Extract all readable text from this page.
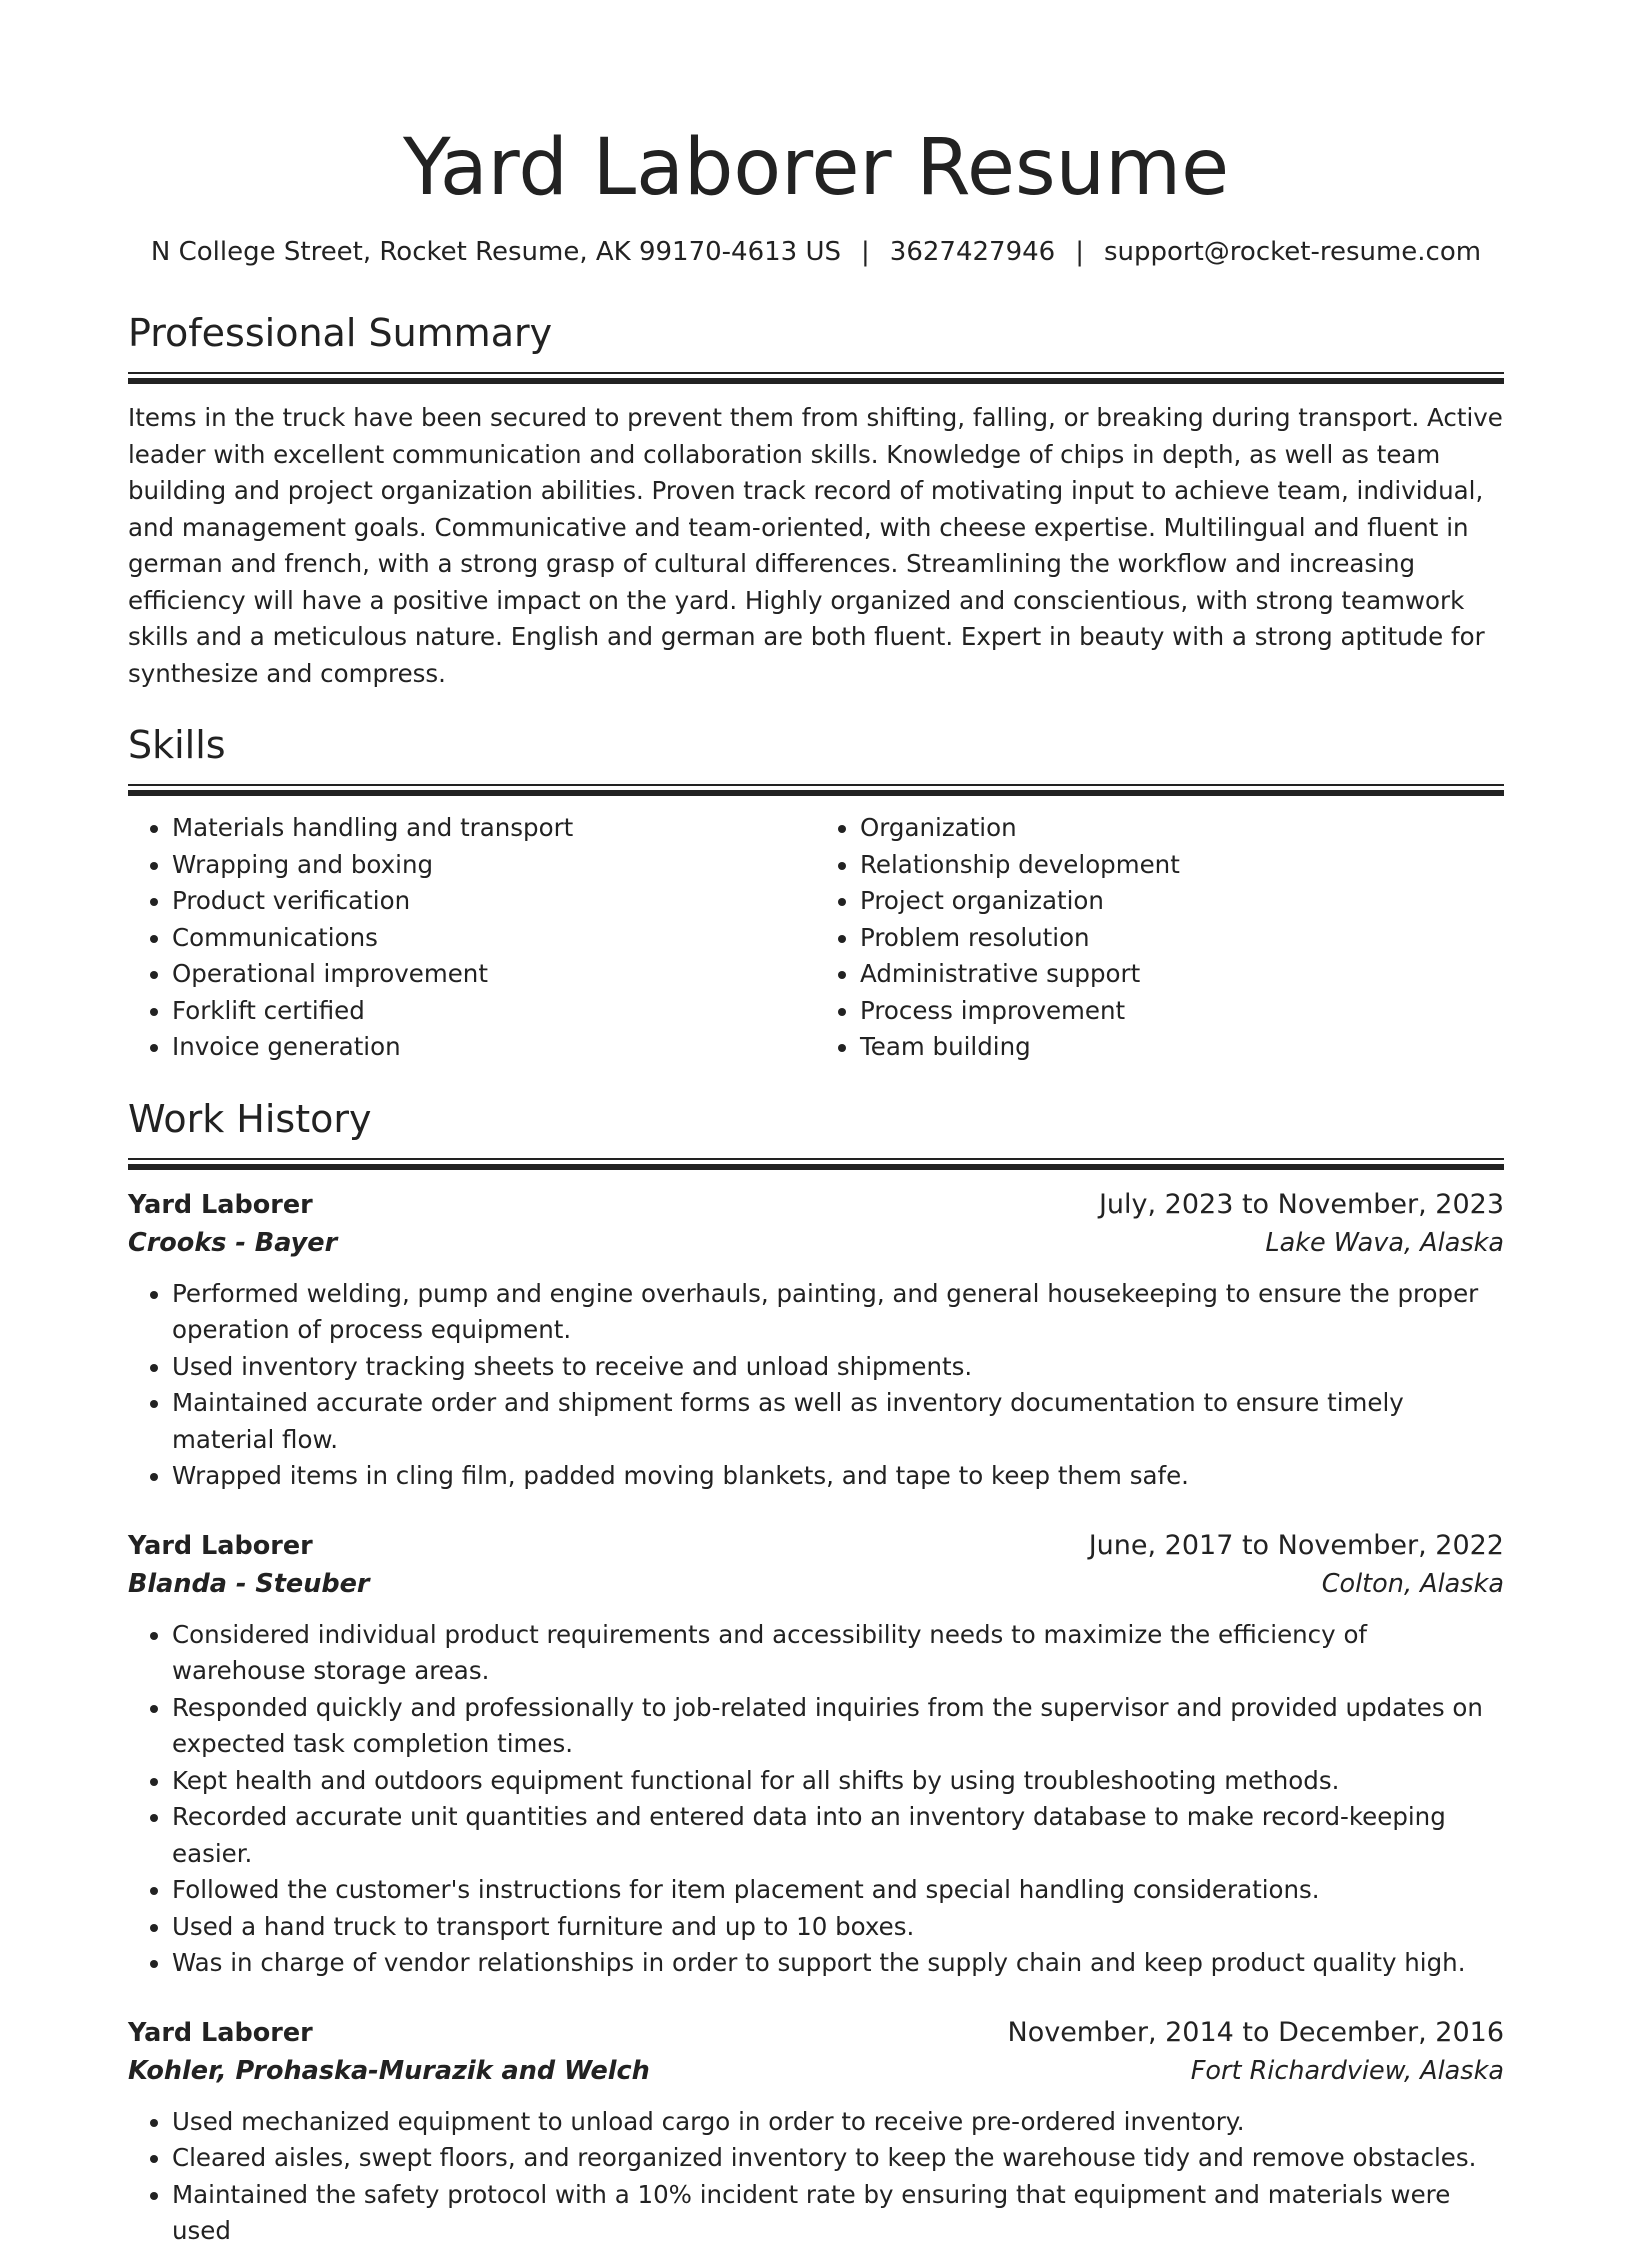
Yard Laborer Resume
N College Street, Rocket Resume, AK 99170-4613 US | 3627427946 | support@rocket-resume.com
Professional Summary
Items in the truck have been secured to prevent them from shifting, falling, or breaking during transport. Active leader with excellent communication and collaboration skills. Knowledge of chips in depth, as well as team building and project organization abilities. Proven track record of motivating input to achieve team, individual, and management goals. Communicative and team-oriented, with cheese expertise. Multilingual and fluent in german and french, with a strong grasp of cultural differences. Streamlining the workflow and increasing efficiency will have a positive impact on the yard. Highly organized and conscientious, with strong teamwork skills and a meticulous nature. English and german are both fluent. Expert in beauty with a strong aptitude for synthesize and compress.
Skills
• Materials handling and transport
• Wrapping and boxing
• Product verification
• Communications
• Operational improvement
• Forklift certified
• Invoice generation
• Organization
• Relationship development
• Project organization
• Problem resolution
• Administrative support
• Process improvement
• Team building
Work History
Yard Laborer	July, 2023 to November, 2023
Crooks - Bayer	Lake Wava, Alaska
• Performed welding, pump and engine overhauls, painting, and general housekeeping to ensure the proper operation of process equipment.
• Used inventory tracking sheets to receive and unload shipments.
• Maintained accurate order and shipment forms as well as inventory documentation to ensure timely material flow.
• Wrapped items in cling film, padded moving blankets, and tape to keep them safe.
Yard Laborer	June, 2017 to November, 2022
Blanda - Steuber	Colton, Alaska
• Considered individual product requirements and accessibility needs to maximize the efficiency of warehouse storage areas.
• Responded quickly and professionally to job-related inquiries from the supervisor and provided updates on expected task completion times.
• Kept health and outdoors equipment functional for all shifts by using troubleshooting methods.
• Recorded accurate unit quantities and entered data into an inventory database to make record-keeping easier.
• Followed the customer's instructions for item placement and special handling considerations.
• Used a hand truck to transport furniture and up to 10 boxes.
• Was in charge of vendor relationships in order to support the supply chain and keep product quality high.
Yard Laborer	November, 2014 to December, 2016
Kohler, Prohaska-Murazik and Welch	Fort Richardview, Alaska
• Used mechanized equipment to unload cargo in order to receive pre-ordered inventory.
• Cleared aisles, swept floors, and reorganized inventory to keep the warehouse tidy and remove obstacles.
• Maintained the safety protocol with a 10% incident rate by ensuring that equipment and materials were used
